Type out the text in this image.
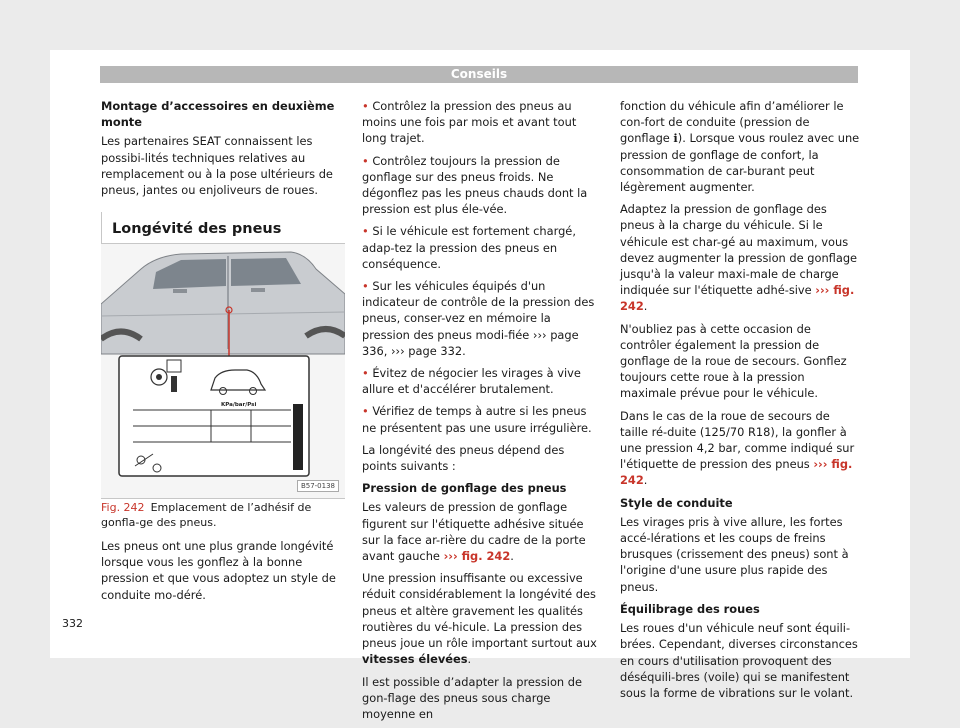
Conseils

Montage d’accessoires en deuxième monte

Les partenaires SEAT connaissent les possibi-lités techniques relatives au remplacement ou à la pose ultérieurs de pneus, jantes ou enjoliveurs de roues.

Longévité des pneus

KPa/bar/Psi
B57-0138
Fig. 242 Emplacement de l’adhésif de gonfla-ge des pneus.

Les pneus ont une plus grande longévité lorsque vous les gonflez à la bonne pression et que vous adoptez un style de conduite mo-déré.

• Contrôlez la pression des pneus au moins une fois par mois et avant tout long trajet.

• Contrôlez toujours la pression de gonflage sur des pneus froids. Ne dégonflez pas les pneus chauds dont la pression est plus éle-vée.

• Si le véhicule est fortement chargé, adap-tez la pression des pneus en conséquence.

• Sur les véhicules équipés d'un indicateur de contrôle de la pression des pneus, conser-vez en mémoire la pression des pneus modi-fiée ››› page 336, ››› page 332.

• Évitez de négocier les virages à vive allure et d'accélérer brutalement.

• Vérifiez de temps à autre si les pneus ne présentent pas une usure irrégulière.

La longévité des pneus dépend des points suivants :

Pression de gonflage des pneus

Les valeurs de pression de gonflage figurent sur l'étiquette adhésive située sur la face ar-rière du cadre de la porte avant gauche ››› fig. 242.

Une pression insuffisante ou excessive réduit considérablement la longévité des pneus et altère gravement les qualités routières du vé-hicule. La pression des pneus joue un rôle important surtout aux vitesses élevées.

Il est possible d’adapter la pression de gon-flage des pneus sous charge moyenne en

fonction du véhicule afin d’améliorer le con-fort de conduite (pression de gonflage ℹ). Lorsque vous roulez avec une pression de gonflage de confort, la consommation de car-burant peut légèrement augmenter.

Adaptez la pression de gonflage des pneus à la charge du véhicule. Si le véhicule est char-gé au maximum, vous devez augmenter la pression de gonflage jusqu'à la valeur maxi-male de charge indiquée sur l'étiquette adhé-sive ››› fig. 242.

N'oubliez pas à cette occasion de contrôler également la pression de gonflage de la roue de secours. Gonflez toujours cette roue à la pression maximale prévue pour le véhicule.

Dans le cas de la roue de secours de taille ré-duite (125/70 R18), la gonfler à une pression 4,2 bar, comme indiqué sur l'étiquette de pression des pneus ››› fig. 242.

Style de conduite

Les virages pris à vive allure, les fortes accé-lérations et les coups de freins brusques (crissement des pneus) sont à l'origine d'une usure plus rapide des pneus.

Équilibrage des roues

Les roues d'un véhicule neuf sont équili-brées. Cependant, diverses circonstances en cours d'utilisation provoquent des déséquili-bres (voile) qui se manifestent sous la forme de vibrations sur le volant.

332
